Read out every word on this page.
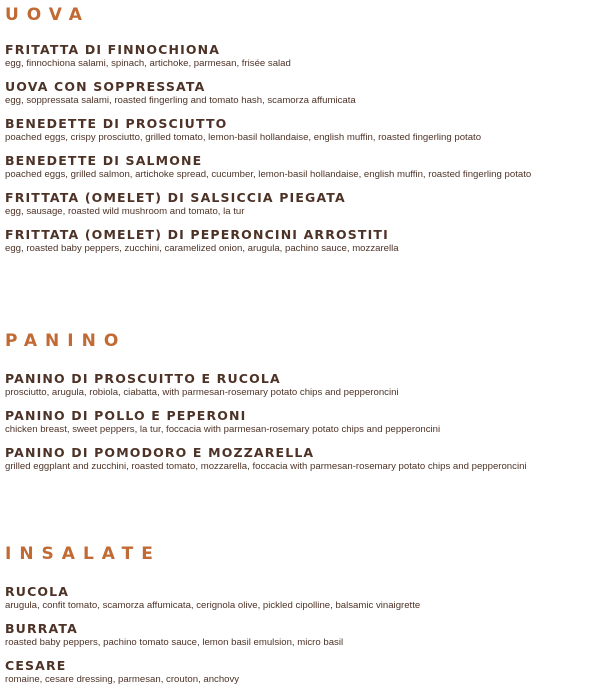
UOVA
FRITATTA DI FINNOCHIONA
egg, finnochiona salami, spinach, artichoke, parmesan, frisée salad
UOVA CON SOPPRESSATA
egg, soppressata salami, roasted fingerling and tomato hash, scamorza affumicata
BENEDETTE DI PROSCIUTTO
poached eggs, crispy prosciutto, grilled tomato, lemon-basil hollandaise, english muffin, roasted fingerling potato
BENEDETTE DI SALMONE
poached eggs, grilled salmon, artichoke spread, cucumber, lemon-basil hollandaise, english muffin, roasted fingerling potato
FRITTATA (OMELET) DI SALSICCIA PIEGATA
egg, sausage, roasted wild mushroom and tomato, la tur
FRITTATA (OMELET) DI PEPERONCINI ARROSTITI
egg, roasted baby peppers, zucchini, caramelized onion, arugula, pachino sauce, mozzarella
PANINO
PANINO DI PROSCUITTO E RUCOLA
prosciutto, arugula, robiola, ciabatta, with parmesan-rosemary potato chips and pepperoncini
PANINO DI POLLO E PEPERONI
chicken breast, sweet peppers, la tur, foccacia with parmesan-rosemary potato chips and pepperoncini
PANINO DI POMODORO E MOZZARELLA
grilled eggplant and zucchini, roasted tomato, mozzarella, foccacia with parmesan-rosemary potato chips and pepperoncini
INSALATE
RUCOLA
arugula, confit tomato, scamorza affumicata, cerignola olive, pickled cipolline, balsamic vinaigrette
BURRATA
roasted baby peppers, pachino tomato sauce, lemon basil emulsion, micro basil
CESARE
romaine, cesare dressing, parmesan, crouton, anchovy
